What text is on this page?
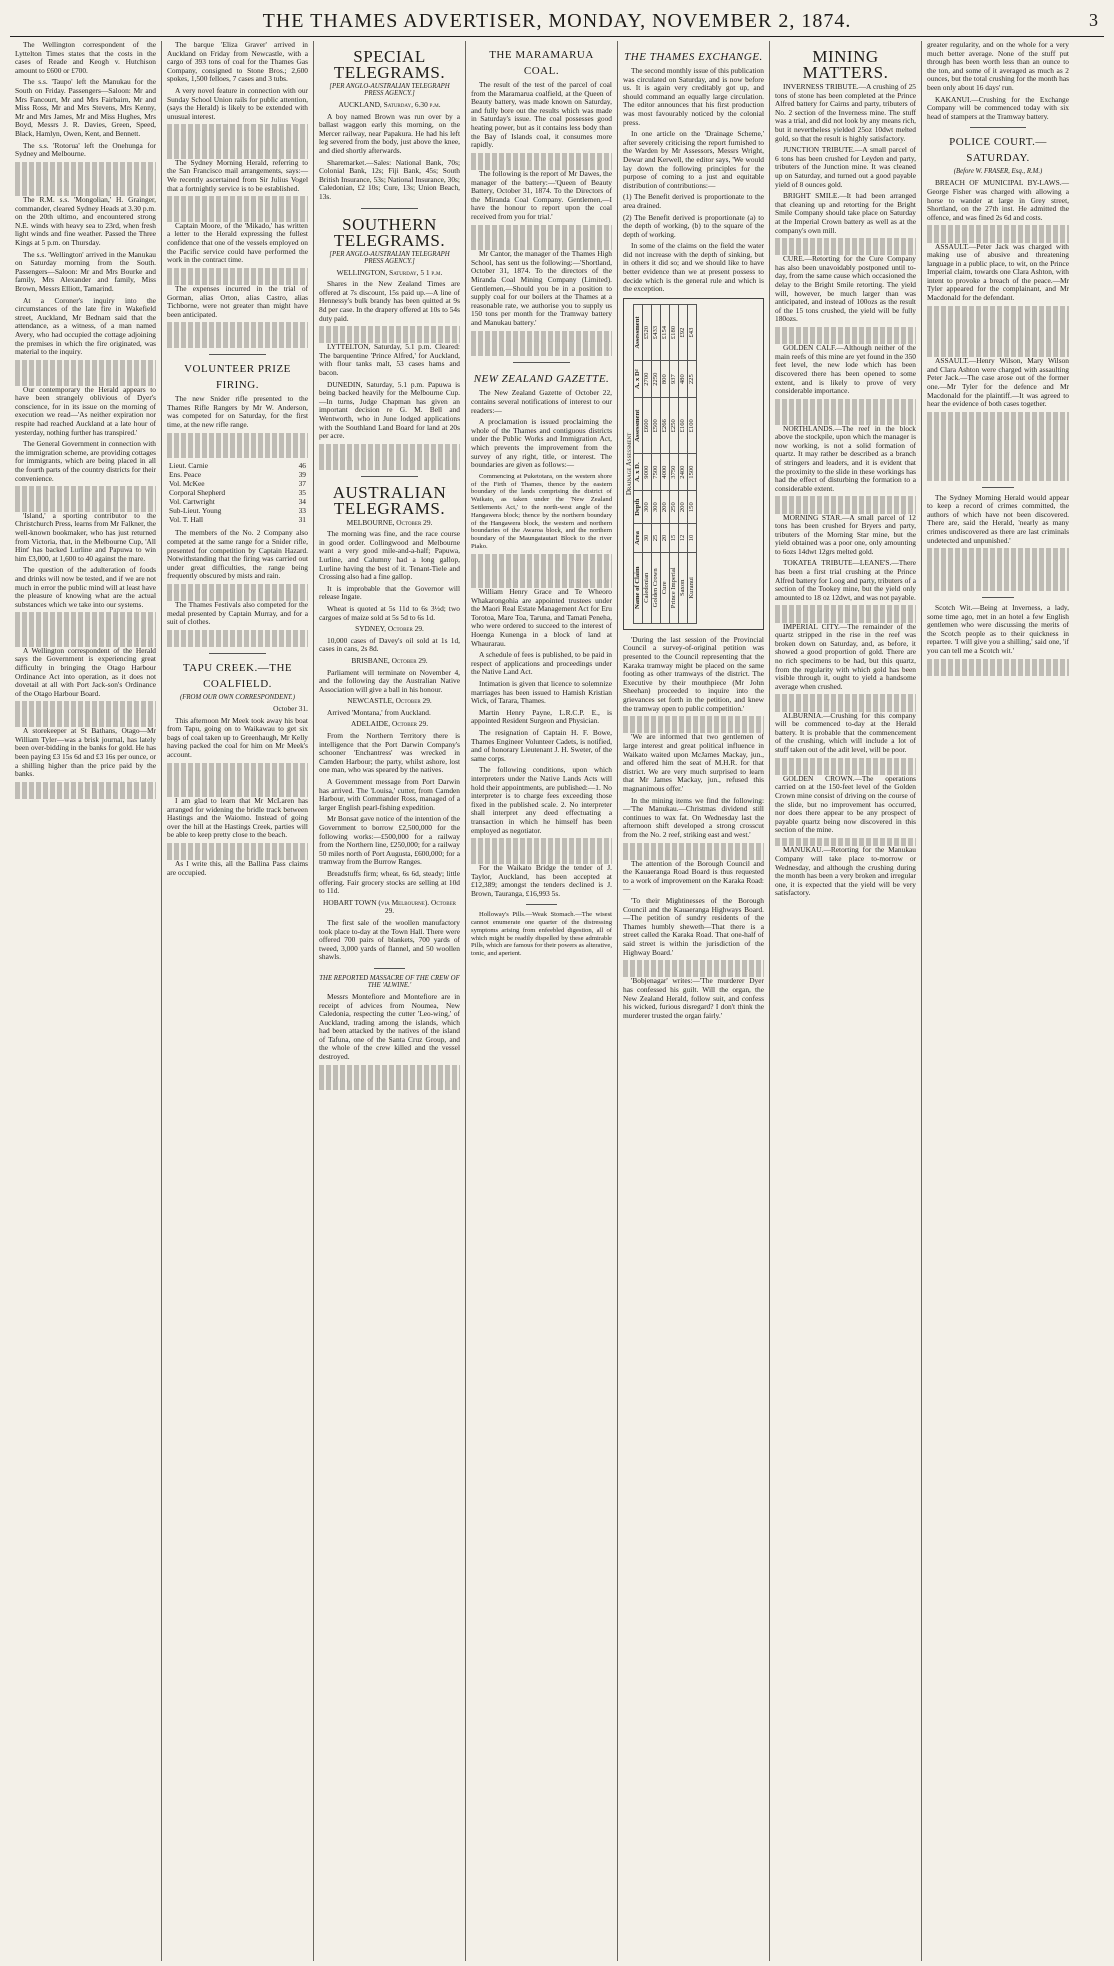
THE THAMES ADVERTISER, MONDAY, NOVEMBER 2, 1874.	3

The Wellington correspondent of the Lyttelton Times states that the costs in the cases of Reade and Keogh v. Hutchison amount to £600 or £700.

The s.s. 'Taupo' left the Manukau for the South on Friday. Passengers—Saloon: Mr and Mrs Fancourt, Mr and Mrs Fairbairn, Mr and Miss Ross, Mr and Mrs Stevens, Mrs Kenny, Mr and Mrs James, Mr and Miss Hughes, Mrs Boyd, Messrs J. R. Davies, Green, Speed, Black, Hamlyn, Owen, Kent, and Bennett.

The s.s. 'Rotorua' left the Onehunga for Sydney and Melbourne.

The R.M. s.s. 'Mongolian,' H. Grainger, commander, cleared Sydney Heads at 3.30 p.m. on the 20th ultimo, and encountered strong N.E. winds with heavy sea to 23rd, when fresh light winds and fine weather. Passed the Three Kings at 5 p.m. on Thursday.

The s.s. 'Wellington' arrived in the Manukau on Saturday morning from the South. Passengers—Saloon: Mr and Mrs Bourke and family, Mrs Alexander and family, Miss Brown, Messrs Elliott, Tamarind.

At a Coroner's inquiry into the circumstances of the late fire in Wakefield street, Auckland, Mr Bednam said that the attendance, as a witness, of a man named Avery, who had occupied the cottage adjoining the premises in which the fire originated, was material to the inquiry.

Our contemporary the Herald appears to have been strangely oblivious of Dyer's conscience, for in its issue on the morning of execution we read—'As neither expiration nor respite had reached Auckland at a late hour of yesterday, nothing further has transpired.'

The General Government in connection with the immigration scheme, are providing cottages for immigrants, which are being placed in all the fourth parts of the country districts for their convenience.

'Island,' a sporting contributor to the Christchurch Press, learns from Mr Falkner, the well-known bookmaker, who has just returned from Victoria, that, in the Melbourne Cup, 'All Hint' has backed Lurline and Papuwa to win him £3,000, at 1,600 to 40 against the mare.

The question of the adulteration of foods and drinks will now be tested, and if we are not much in error the public mind will at least have the pleasure of knowing what are the actual substances which we take into our systems.

A Wellington correspondent of the Herald says the Government is experiencing great difficulty in bringing the Otago Harbour Ordinance Act into operation, as it does not dovetail at all with Port Jack-son's Ordinance of the Otago Harbour Board.

A storekeeper at St Bathans, Otago—Mr William Tyler—was a brisk journal, has lately been over-bidding in the banks for gold. He has been paying £3 15s 6d and £3 16s per ounce, or a shilling higher than the price paid by the banks.

The barque 'Eliza Graver' arrived in Auckland on Friday from Newcastle, with a cargo of 393 tons of coal for the Thames Gas Company, consigned to Stone Bros.; 2,600 spokes, 1,500 felloes, 7 cases and 3 tubs.

A very novel feature in connection with our Sunday School Union rails for public attention, (says the Herald) is likely to be extended with unusual interest.

The Sydney Morning Herald, referring to the San Francisco mail arrangements, says:—We recently ascertained from Sir Julius Vogel that a fortnightly service is to be established.

Captain Moore, of the 'Mikado,' has written a letter to the Herald expressing the fullest confidence that one of the vessels employed on the Pacific service could have performed the work in the contract time.

The expenses incurred in the trial of Gorman, alias Orton, alias Castro, alias Tichborne, were not greater than might have been anticipated.

VOLUNTEER PRIZE FIRING.

The new Snider rifle presented to the Thames Rifle Rangers by Mr W. Anderson, was competed for on Saturday, for the first time, at the new rifle range.

Lieut. Carnie	46
Ens. Peace	39
Vol. McKee	37
Corporal Shepherd	35
Vol. Cartwright	34
Sub-Lieut. Young	33
Vol. T. Hall	31

The members of the No. 2 Company also competed at the same range for a Snider rifle, presented for competition by Captain Hazard. Notwithstanding that the firing was carried out under great difficulties, the range being frequently obscured by mists and rain.

The Thames Festivals also competed for the medal presented by Captain Murray, and for a suit of clothes.

TAPU CREEK.—THE COALFIELD.
(FROM OUR OWN CORRESPONDENT.)

October 31.

This afternoon Mr Meek took away his boat from Tapu, going on to Waikawau to get six bags of coal taken up to Greenhaugh, Mr Kelly having packed the coal for him on Mr Meek's account.

I am glad to learn that Mr McLaren has arranged for widening the bridle track between Hastings and the Waiomo. Instead of going over the hill at the Hastings Creek, parties will be able to keep pretty close to the beach.

As I write this, all the Ballina Pass claims are occupied.

SPECIAL TELEGRAMS.
[PER ANGLO-AUSTRALIAN TELEGRAPH PRESS AGENCY.]

AUCKLAND, Saturday, 6.30 p.m.

A boy named Brown was run over by a ballast waggon early this morning, on the Mercer railway, near Papakura. He had his left leg severed from the body, just above the knee, and died shortly afterwards.

Sharemarket.—Sales: National Bank, 70s; Colonial Bank, 12s; Fiji Bank, 45s; South British Insurance, 53s; National Insurance, 30s; Caledonian, £2 10s; Cure, 13s; Union Beach, 13s.

SOUTHERN TELEGRAMS.
[PER ANGLO-AUSTRALIAN TELEGRAPH PRESS AGENCY.]

WELLINGTON, Saturday, 5 1 p.m.

Shares in the New Zealand Times are offered at 7s discount, 15s paid up.—A line of Hennessy's bulk brandy has been quitted at 9s 8d per case. In the drapery offered at 10s to 54s duty paid.

LYTTELTON, Saturday, 5.1 p.m. Cleared: The barquentine 'Prince Alfred,' for Auckland, with flour tanks malt, 53 cases hams and bacon.

DUNEDIN, Saturday, 5.1 p.m. Papuwa is being backed heavily for the Melbourne Cup.—In turns, Judge Chapman has given an important decision re G. M. Bell and Wentworth, who in June lodged applications with the Southland Land Board for land at 20s per acre.

AUSTRALIAN TELEGRAMS.

MELBOURNE, October 29.

The morning was fine, and the race course in good order. Collingwood and Melbourne want a very good mile-and-a-half; Papuwa, Lurline, and Calumny had a long gallop, Lurline having the best of it. Tenant-Tiele and Crossing also had a fine gallop.

It is improbable that the Governor will release Ingate.

Wheat is quoted at 5s 11d to 6s 3½d; two cargoes of maize sold at 5s 5d to 6s 1d.

SYDNEY, October 29.

10,000 cases of Davey's oil sold at 1s 1d, cases in cans, 2s 8d.

BRISBANE, October 29.

Parliament will terminate on November 4, and the following day the Australian Native Association will give a ball in his honour.

NEWCASTLE, October 29.

Arrived 'Montana,' from Auckland.

ADELAIDE, October 29.

From the Northern Territory there is intelligence that the Port Darwin Company's schooner 'Enchantress' was wrecked in Camden Harbour; the party, whilst ashore, lost one man, who was speared by the natives.

A Government message from Port Darwin has arrived. The 'Louisa,' cutter, from Camden Harbour, with Commander Ross, managed of a larger English pearl-fishing expedition.

Mr Bonsat gave notice of the intention of the Government to borrow £2,500,000 for the following works:—£500,000 for a railway from the Northern line, £250,000; for a railway 50 miles north of Port Augusta, £600,000; for a tramway from the Burrow Ranges.

Breadstuffs firm; wheat, 6s 6d, steady; little offering. Fair grocery stocks are selling at 10d to 11d.

HOBART TOWN (via Melbourne). October 29.

The first sale of the woollen manufactory took place to-day at the Town Hall. There were offered 700 pairs of blankets, 700 yards of tweed, 3,000 yards of flannel, and 50 woollen shawls.

THE REPORTED MASSACRE OF THE CREW OF THE 'ALWINE.'

Messrs Montefiore and Montefiore are in receipt of advices from Noumea, New Caledonia, respecting the cutter 'Leo-wing,' of Auckland, trading among the islands, which had been attacked by the natives of the island of Tafuna, one of the Santa Cruz Group, and the whole of the crew killed and the vessel destroyed.

THE MARAMARUA COAL.

The result of the test of the parcel of coal from the Maramarua coalfield, at the Queen of Beauty battery, was made known on Saturday, and fully bore out the results which was made in Saturday's issue. The coal possesses good heating power, but as it contains less body than the Bay of Islands coal, it consumes more rapidly.

The following is the report of Mr Dawes, the manager of the battery:—'Queen of Beauty Battery, October 31, 1874. To the Directors of the Miranda Coal Company. Gentlemen,—I have the honour to report upon the coal received from you for trial.'

Mr Cantor, the manager of the Thames High School, has sent us the following:—'Shortland, October 31, 1874. To the directors of the Miranda Coal Mining Company (Limited). Gentlemen,—Should you be in a position to supply coal for our boilers at the Thames at a reasonable rate, we authorise you to supply us 150 tons per month for the Tramway battery and Manukau battery.'

NEW ZEALAND GAZETTE.

The New Zealand Gazette of October 22, contains several notifications of interest to our readers:—

A proclamation is issued proclaiming the whole of the Thames and contiguous districts under the Public Works and Immigration Act, which prevents the improvement from the survey of any right, title, or interest. The boundaries are given as follows:—

Commencing at Puketotara, on the western shore of the Firth of Thames, thence by the eastern boundary of the lands comprising the district of Waikato, as taken under the 'New Zealand Settlements Act,' to the north-west angle of the Hangawera block; thence by the northern boundary of the Hangawera block, the western and northern boundaries of the Awaroa block, and the northern boundary of the Maungatautari Block to the river Piako.

William Henry Grace and Te Wheoro Whakarongohia are appointed trustees under the Maori Real Estate Management Act for Eru Torotoa, Mare Toa, Taruna, and Tamati Peneha, who were ordered to succeed to the interest of Hoenga Kunenga in a block of land at Whaurarau.

A schedule of fees is published, to be paid in respect of applications and proceedings under the Native Land Act.

Intimation is given that licence to solemnize marriages has been issued to Hamish Kristian Wick, of Tarara, Thames.

Martin Henry Payne, L.R.C.P. E., is appointed Resident Surgeon and Physician.

The resignation of Captain H. F. Bowe, Thames Engineer Volunteer Cadets, is notified, and of honorary Lieutenant J. H. Sweter, of the same corps.

The following conditions, upon which interpreters under the Native Lands Acts will hold their appointments, are published:—1. No interpreter is to charge fees exceeding those fixed in the published scale. 2. No interpreter shall interpret any deed effectuating a transaction in which he himself has been employed as negotiator.

For the Waikato Bridge the tender of J. Taylor, Auckland, has been accepted at £12,389; amongst the tenders declined is J. Brown, Tauranga, £16,993 5s.

Holloway's Pills.—Weak Stomach.—The wisest cannot enumerate one quarter of the distressing symptoms arising from enfeebled digestion, all of which might be readily dispelled by these admirable Pills, which are famous for their powers as alterative, tonic, and aperient.

THE THAMES EXCHANGE.

The second monthly issue of this publication was circulated on Saturday, and is now before us. It is again very creditably got up, and should command an equally large circulation. The editor announces that his first production was most favourably noticed by the colonial press.

In one article on the 'Drainage Scheme,' after severely criticising the report furnished to the Warden by Mr Assessors, Messrs Wright, Dewar and Kerwell, the editor says, 'We would lay down the following principles for the purpose of coming to a just and equitable distribution of contributions:—

(1) The Benefit derived is proportionate to the area drained.

(2) The Benefit derived is proportionate (a) to the depth of working, (b) to the square of the depth of working.

In some of the claims on the field the water did not increase with the depth of sinking, but in others it did so; and we should like to have better evidence than we at present possess to decide which is the general rule and which is the exception.

Drainage Assessment
Name of Claim	Area	Depth	A. x D.	Assessment	A. x D²	Assessment
Caledonian	30	300	9000	£600	2700	£520
Golden Crown	25	300	7500	£500	2250	£433
Cure	20	200	4000	£266	800	£154
Prince Imperial	15	250	3750	£250	937	£180
Saxon	12	200	2400	£160	480	£92
Kuranui	10	150	1500	£100	225	£43

'During the last session of the Provincial Council a survey-of-original petition was presented to the Council representing that the Karaka tramway might be placed on the same footing as other tramways of the district. The Executive by their mouthpiece (Mr John Sheehan) proceeded to inquire into the grievances set forth in the petition, and knew the tramway open to public competition.'

'We are informed that two gentlemen of large interest and great political influence in Waikato waited upon McJames Mackay, jun., and offered him the seat of M.H.R. for that district. We are very much surprised to learn that Mr James Mackay, jun., refused this magnanimous offer.'

In the mining items we find the following:—'The Manukau.—Christmas dividend still continues to wax fat. On Wednesday last the afternoon shift developed a strong crosscut from the No. 2 reef, striking east and west.'

The attention of the Borough Council and the Kauaeranga Road Board is thus requested to a work of improvement on the Karaka Road:—

'To their Mightinesses of the Borough Council and the Kauaeranga Highways Board.—The petition of sundry residents of the Thames humbly sheweth—That there is a street called the Karaka Road. That one-half of said street is within the jurisdiction of the Highway Board.'

'Bobjenagar' writes:—'The murderer Dyer has confessed his guilt. Will the organ, the New Zealand Herald, follow suit, and confess his wicked, furious disregard? I don't think the murderer trusted the organ fairly.'

MINING MATTERS.

INVERNESS TRIBUTE.—A crushing of 25 tons of stone has been completed at the Prince Alfred battery for Cairns and party, tributers of No. 2 section of the Inverness mine. The stuff was a trial, and did not look by any means rich, but it nevertheless yielded 25oz 10dwt melted gold, so that the result is highly satisfactory.

JUNCTION TRIBUTE.—A small parcel of 6 tons has been crushed for Leyden and party, tributers of the Junction mine. It was cleaned up on Saturday, and turned out a good payable yield of 8 ounces gold.

BRIGHT SMILE.—It had been arranged that cleaning up and retorting for the Bright Smile Company should take place on Saturday at the Imperial Crown battery as well as at the company's own mill.

CURE.—Retorting for the Cure Company has also been unavoidably postponed until to-day, from the same cause which occasioned the delay to the Bright Smile retorting. The yield will, however, be much larger than was anticipated, and instead of 100ozs as the result of the 15 tons crushed, the yield will be fully 180ozs.

GOLDEN CALF.—Although neither of the main reefs of this mine are yet found in the 350 feet level, the new lode which has been discovered there has been opened to some extent, and is likely to prove of very considerable importance.

NORTHLANDS.—The reef in the block above the stockpile, upon which the manager is now working, is not a solid formation of quartz. It may rather be described as a branch of stringers and leaders, and it is evident that the proximity to the slide in these workings has had the effect of disturbing the formation to a considerable extent.

MORNING STAR.—A small parcel of 12 tons has been crushed for Bryers and party, tributers of the Morning Star mine, but the yield obtained was a poor one, only amounting to 6ozs 14dwt 12grs melted gold.

TOKATEA TRIBUTE—LEANE'S.—There has been a first trial crushing at the Prince Alfred battery for Loog and party, tributers of a section of the Tookey mine, but the yield only amounted to 18 oz 12dwt, and was not payable.

IMPERIAL CITY.—The remainder of the quartz stripped in the rise in the reef was broken down on Saturday, and, as before, it showed a good proportion of gold. There are no rich specimens to be had, but this quartz, from the regularity with which gold has been visible through it, ought to yield a handsome average when crushed.

ALBURNIA.—Crushing for this company will be commenced to-day at the Herald battery. It is probable that the commencement of the crushing, which will include a lot of stuff taken out of the adit level, will be poor.

GOLDEN CROWN.—The operations carried on at the 150-feet level of the Golden Crown mine consist of driving on the course of the slide, but no improvement has occurred, nor does there appear to be any prospect of payable quartz being now discovered in this section of the mine.

MANUKAU.—Retorting for the Manukau Company will take place to-morrow or Wednesday, and although the crushing during the month has been a very broken and irregular one, it is expected that the yield will be very satisfactory.

greater regularity, and on the whole for a very much better average. None of the stuff put through has been worth less than an ounce to the ton, and some of it averaged as much as 2 ounces, but the total crushing for the month has been only about 16 days' run.

KAKANUI.—Crushing for the Exchange Company will be commenced today with six head of stampers at the Tramway battery.

POLICE COURT.—SATURDAY.
(Before W. FRASER, Esq., R.M.)

BREACH OF MUNICIPAL BY-LAWS.—George Fisher was charged with allowing a horse to wander at large in Grey street, Shortland, on the 27th inst. He admitted the offence, and was fined 2s 6d and costs.

ASSAULT.—Peter Jack was charged with making use of abusive and threatening language in a public place, to wit, on the Prince Imperial claim, towards one Clara Ashton, with intent to provoke a breach of the peace.—Mr Tyler appeared for the complainant, and Mr Macdonald for the defendant.

ASSAULT.—Henry Wilson, Mary Wilson and Clara Ashton were charged with assaulting Peter Jack.—The case arose out of the former one.—Mr Tyler for the defence and Mr Macdonald for the plaintiff.—It was agreed to hear the evidence of both cases together.

The Sydney Morning Herald would appear to keep a record of crimes committed, the authors of which have not been discovered. There are, said the Herald, 'nearly as many crimes undiscovered as there are last criminals undetected and unpunished.'

Scotch Wit.—Being at Inverness, a lady, some time ago, met in an hotel a few English gentlemen who were discussing the merits of the Scotch people as to their quickness in repartee. 'I will give you a shilling,' said one, 'if you can tell me a Scotch wit.'
